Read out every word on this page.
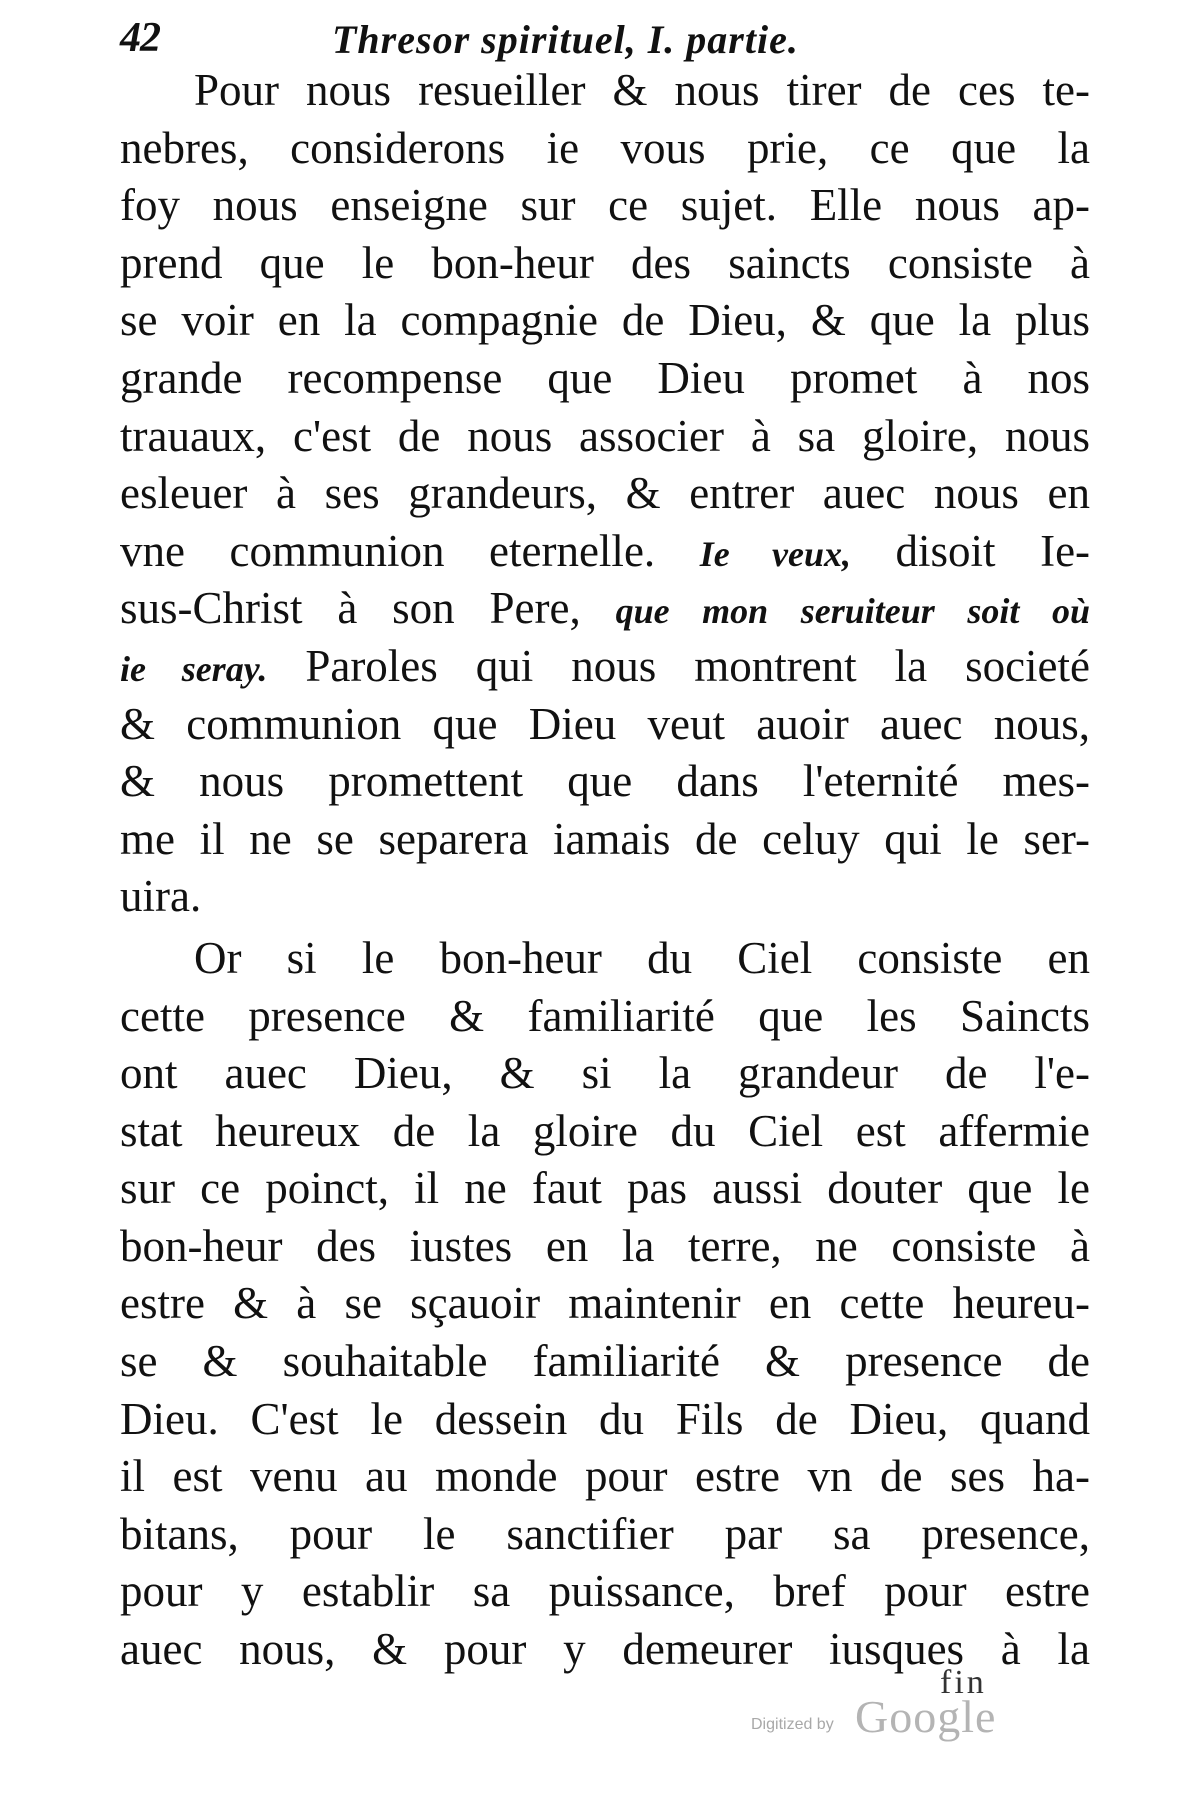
42	Thresor spirituel, I. partie.
Pour nous resueiller & nous tirer de ces te-
nebres, considerons ie vous prie, ce que la
foy nous enseigne sur ce sujet. Elle nous ap-
prend que le bon-heur des saincts consiste à
se voir en la compagnie de Dieu, & que la plus
grande recompense que Dieu promet à nos
trauaux, c'est de nous associer à sa gloire, nous
esleuer à ses grandeurs, & entrer auec nous en
vne communion eternelle. Ie veux, disoit Ie-
sus-Christ à son Pere, que mon seruiteur soit où
ie seray. Paroles qui nous montrent la societé
& communion que Dieu veut auoir auec nous,
& nous promettent que dans l'eternité mes-
me il ne se separera iamais de celuy qui le ser-
uira.
Or si le bon-heur du Ciel consiste en
cette presence & familiarité que les Saincts
ont auec Dieu, & si la grandeur de l'e-
stat heureux de la gloire du Ciel est affermie
sur ce poinct, il ne faut pas aussi douter que le
bon-heur des iustes en la terre, ne consiste à
estre & à se sçauoir maintenir en cette heureu-
se & souhaitable familiarité & presence de
Dieu. C'est le dessein du Fils de Dieu, quand
il est venu au monde pour estre vn de ses ha-
bitans, pour le sanctifier par sa presence,
pour y establir sa puissance, bref pour estre
auec nous, & pour y demeurer iusques à la
fin
Digitized by Google
